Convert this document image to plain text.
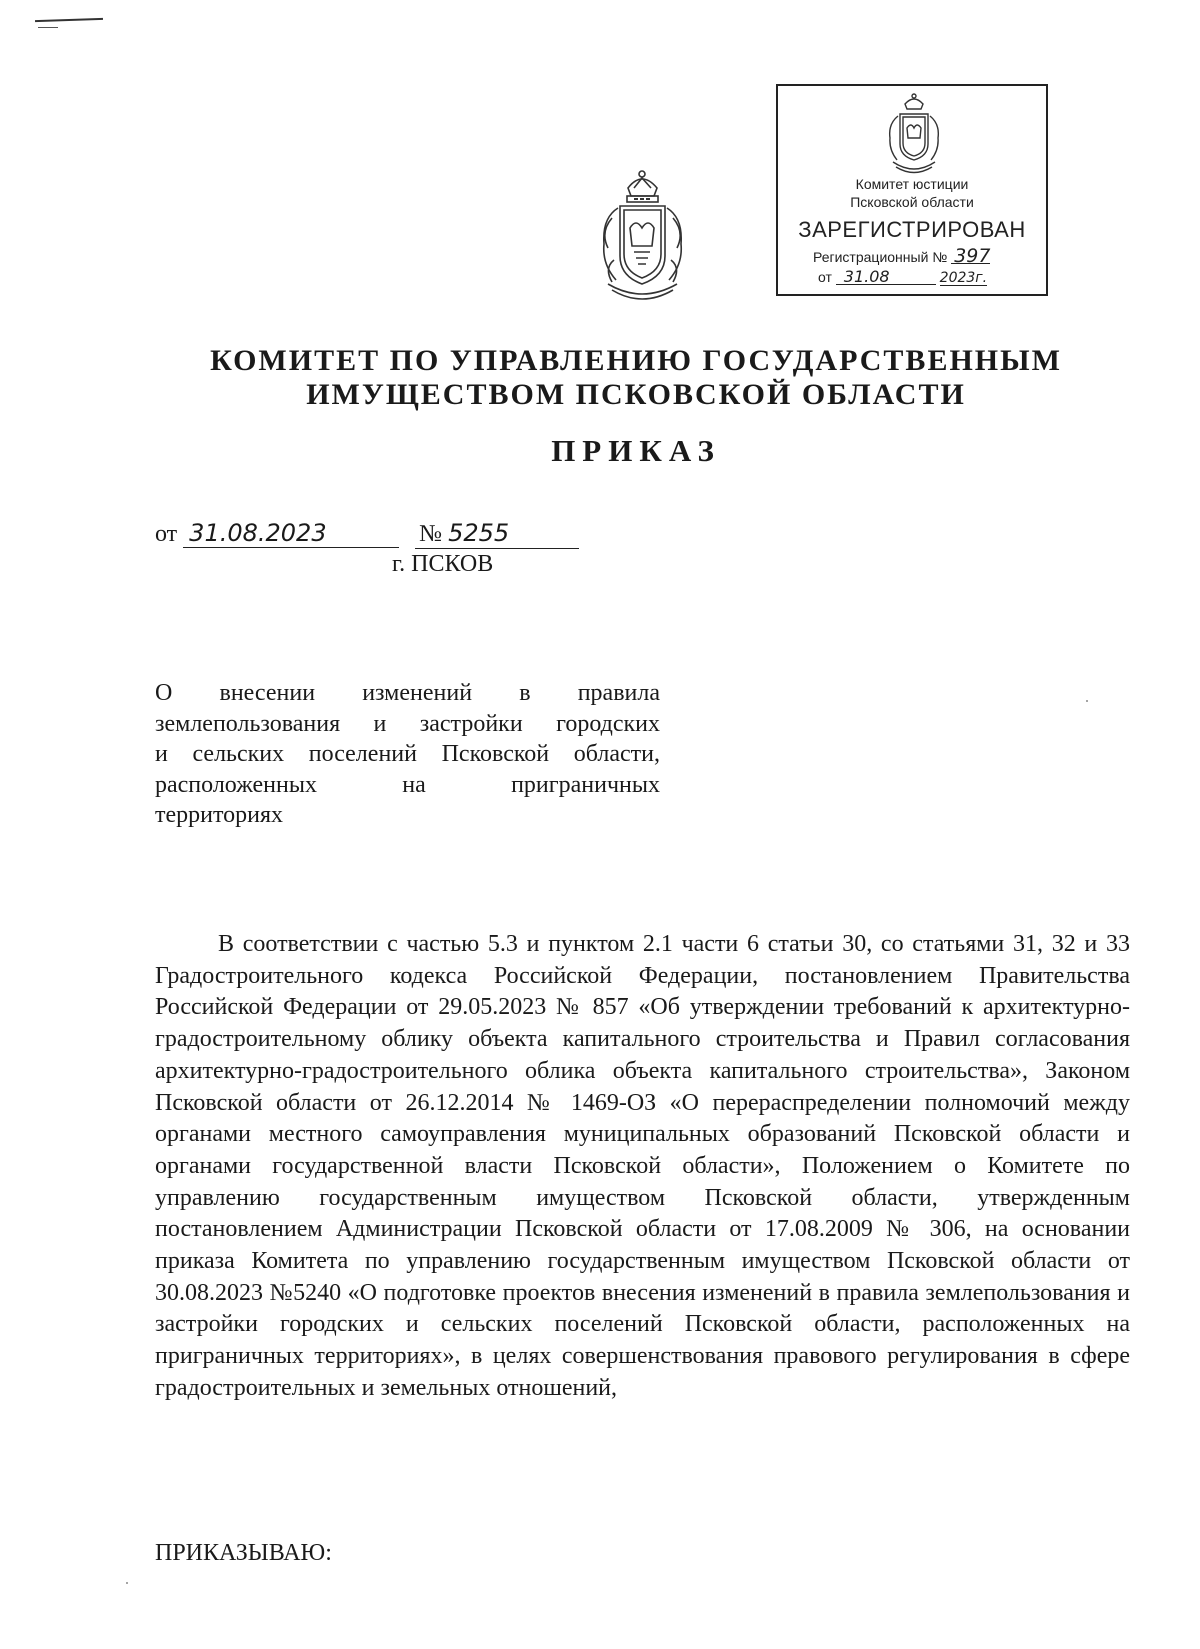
Комитет юстиции
Псковской области
ЗАРЕГИСТРИРОВАН
Регистрационный № 397
от 31.08	2023г.
КОМИТЕТ ПО УПРАВЛЕНИЮ ГОСУДАРСТВЕННЫМ
ИМУЩЕСТВОМ ПСКОВСКОЙ ОБЛАСТИ
ПРИКАЗ
от 31.08.2023	№ 5255
г. ПСКОВ
О внесении изменений в правила
землепользования и застройки городских
и сельских поселений Псковской области,
расположенных на приграничных
территориях
В соответствии с частью 5.3 и пунктом 2.1 части 6 статьи 30, со статьями 31, 32 и 33 Градостроительного кодекса Российской Федерации, постановлением Правительства Российской Федерации от 29.05.2023 № 857 «Об утверждении требований к архитектурно-градостроительному облику объекта капитального строительства и Правил согласования архитектурно-градостроительного облика объекта капитального строительства», Законом Псковской области от 26.12.2014 № 1469-ОЗ «О перераспределении полномочий между органами местного самоуправления муниципальных образований Псковской области и органами государственной власти Псковской области», Положением о Комитете по управлению государственным имуществом Псковской области, утвержденным постановлением Администрации Псковской области от 17.08.2009 № 306, на основании приказа Комитета по управлению государственным имуществом Псковской области от 30.08.2023 №5240 «О подготовке проектов внесения изменений в правила землепользования и застройки городских и сельских поселений Псковской области, расположенных на приграничных территориях», в целях совершенствования правового регулирования в сфере градостроительных и земельных отношений,
ПРИКАЗЫВАЮ:
